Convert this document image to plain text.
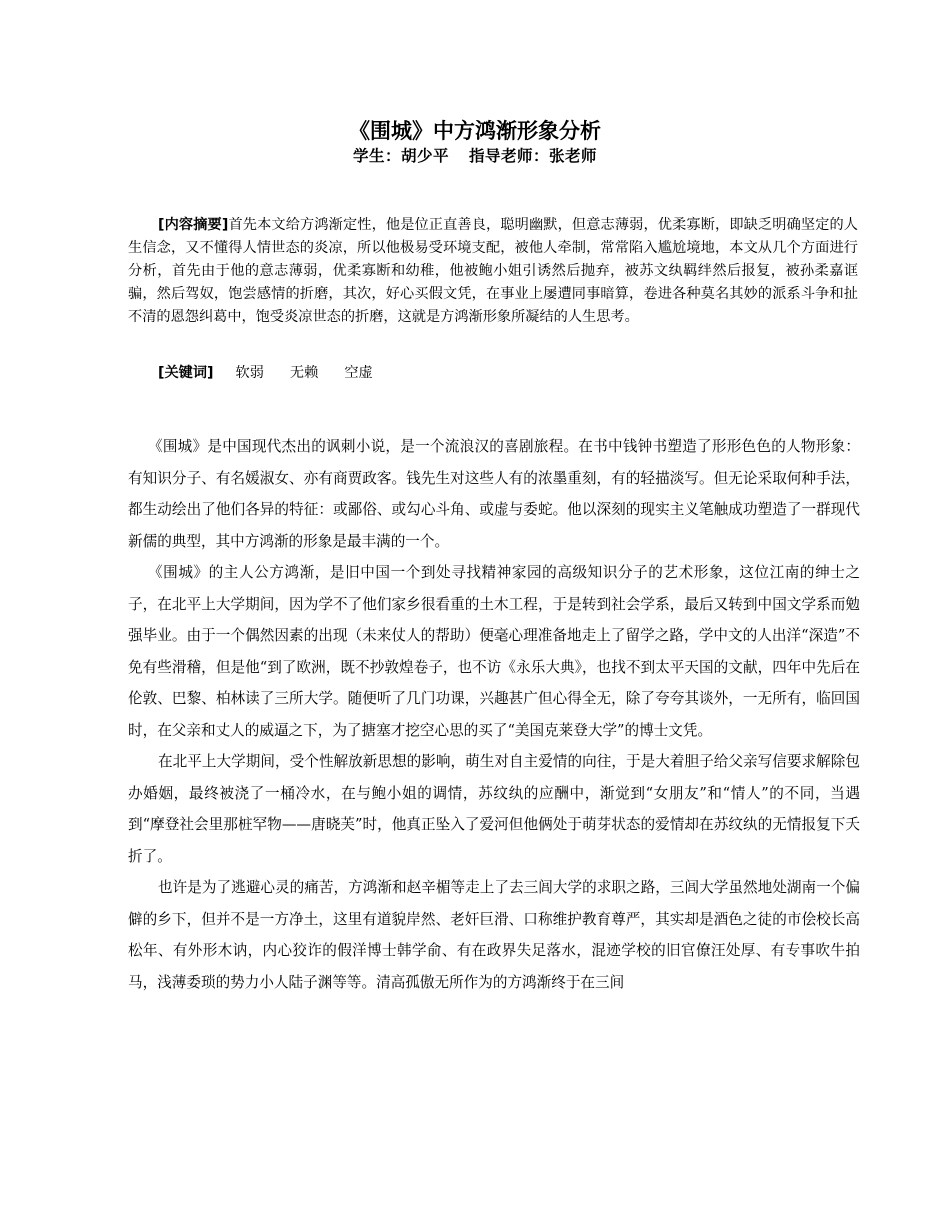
《围城》中方鸿渐形象分析
学生：胡少平 指导老师：张老师

[内容摘要]首先本文给方鸿渐定性，他是位正直善良，聪明幽默，但意志薄弱，优柔寡断，即缺乏明确坚定的人生信念，又不懂得人情世态的炎凉，所以他极易受环境支配，被他人牵制，常常陷入尴尬境地，本文从几个方面进行分析，首先由于他的意志薄弱，优柔寡断和幼稚，他被鲍小姐引诱然后抛弃，被苏文纨羁绊然后报复，被孙柔嘉诓骗，然后驾奴，饱尝感情的折磨，其次，好心买假文凭，在事业上屡遭同事暗算，卷进各种莫名其妙的派系斗争和扯不清的恩怨纠葛中，饱受炎凉世态的折磨，这就是方鸿渐形象所凝结的人生思考。

[关键词] 软弱 无赖 空虚

《围城》是中国现代杰出的讽刺小说，是一个流浪汉的喜剧旅程。在书中钱钟书塑造了形形色色的人物形象：有知识分子、有名媛淑女、亦有商贾政客。钱先生对这些人有的浓墨重刻，有的轻描淡写。但无论采取何种手法，都生动绘出了他们各异的特征：或鄙俗、或勾心斗角、或虚与委蛇。他以深刻的现实主义笔触成功塑造了一群现代新儒的典型，其中方鸿渐的形象是最丰满的一个。

《围城》的主人公方鸿渐，是旧中国一个到处寻找精神家园的高级知识分子的艺术形象，这位江南的绅士之子，在北平上大学期间，因为学不了他们家乡很看重的土木工程，于是转到社会学系，最后又转到中国文学系而勉强毕业。由于一个偶然因素的出现（未来仗人的帮助）便毫心理准备地走上了留学之路，学中文的人出洋“深造”不免有些滑稽，但是他“到了欧洲，既不抄敦煌卷子，也不访《永乐大典》，也找不到太平天国的文献，四年中先后在伦敦、巴黎、柏林读了三所大学。随便听了几门功课，兴趣甚广但心得全无，除了夸夸其谈外，一无所有，临回国时，在父亲和丈人的威逼之下，为了搪塞才挖空心思的买了“美国克莱登大学”的博士文凭。

在北平上大学期间，受个性解放新思想的影响，萌生对自主爱情的向往，于是大着胆子给父亲写信要求解除包办婚姻，最终被浇了一桶冷水，在与鲍小姐的调情，苏纹纨的应酬中，渐觉到“女朋友”和“情人”的不同，当遇到“摩登社会里那桩罕物——唐晓芙”时，他真正坠入了爱河但他俩处于萌芽状态的爱情却在苏纹纨的无情报复下夭折了。

也许是为了逃避心灵的痛苦，方鸿渐和赵辛楣等走上了去三闾大学的求职之路，三闾大学虽然地处湖南一个偏僻的乡下，但并不是一方净土，这里有道貌岸然、老奸巨滑、口称维护教育尊严，其实却是酒色之徒的市侩校长高松年、有外形木讷，内心狡诈的假洋博士韩学俞、有在政界失足落水，混迹学校的旧官僚汪处厚、有专事吹牛拍马，浅薄委琐的势力小人陆子渊等等。清高孤傲无所作为的方鸿渐终于在三间
